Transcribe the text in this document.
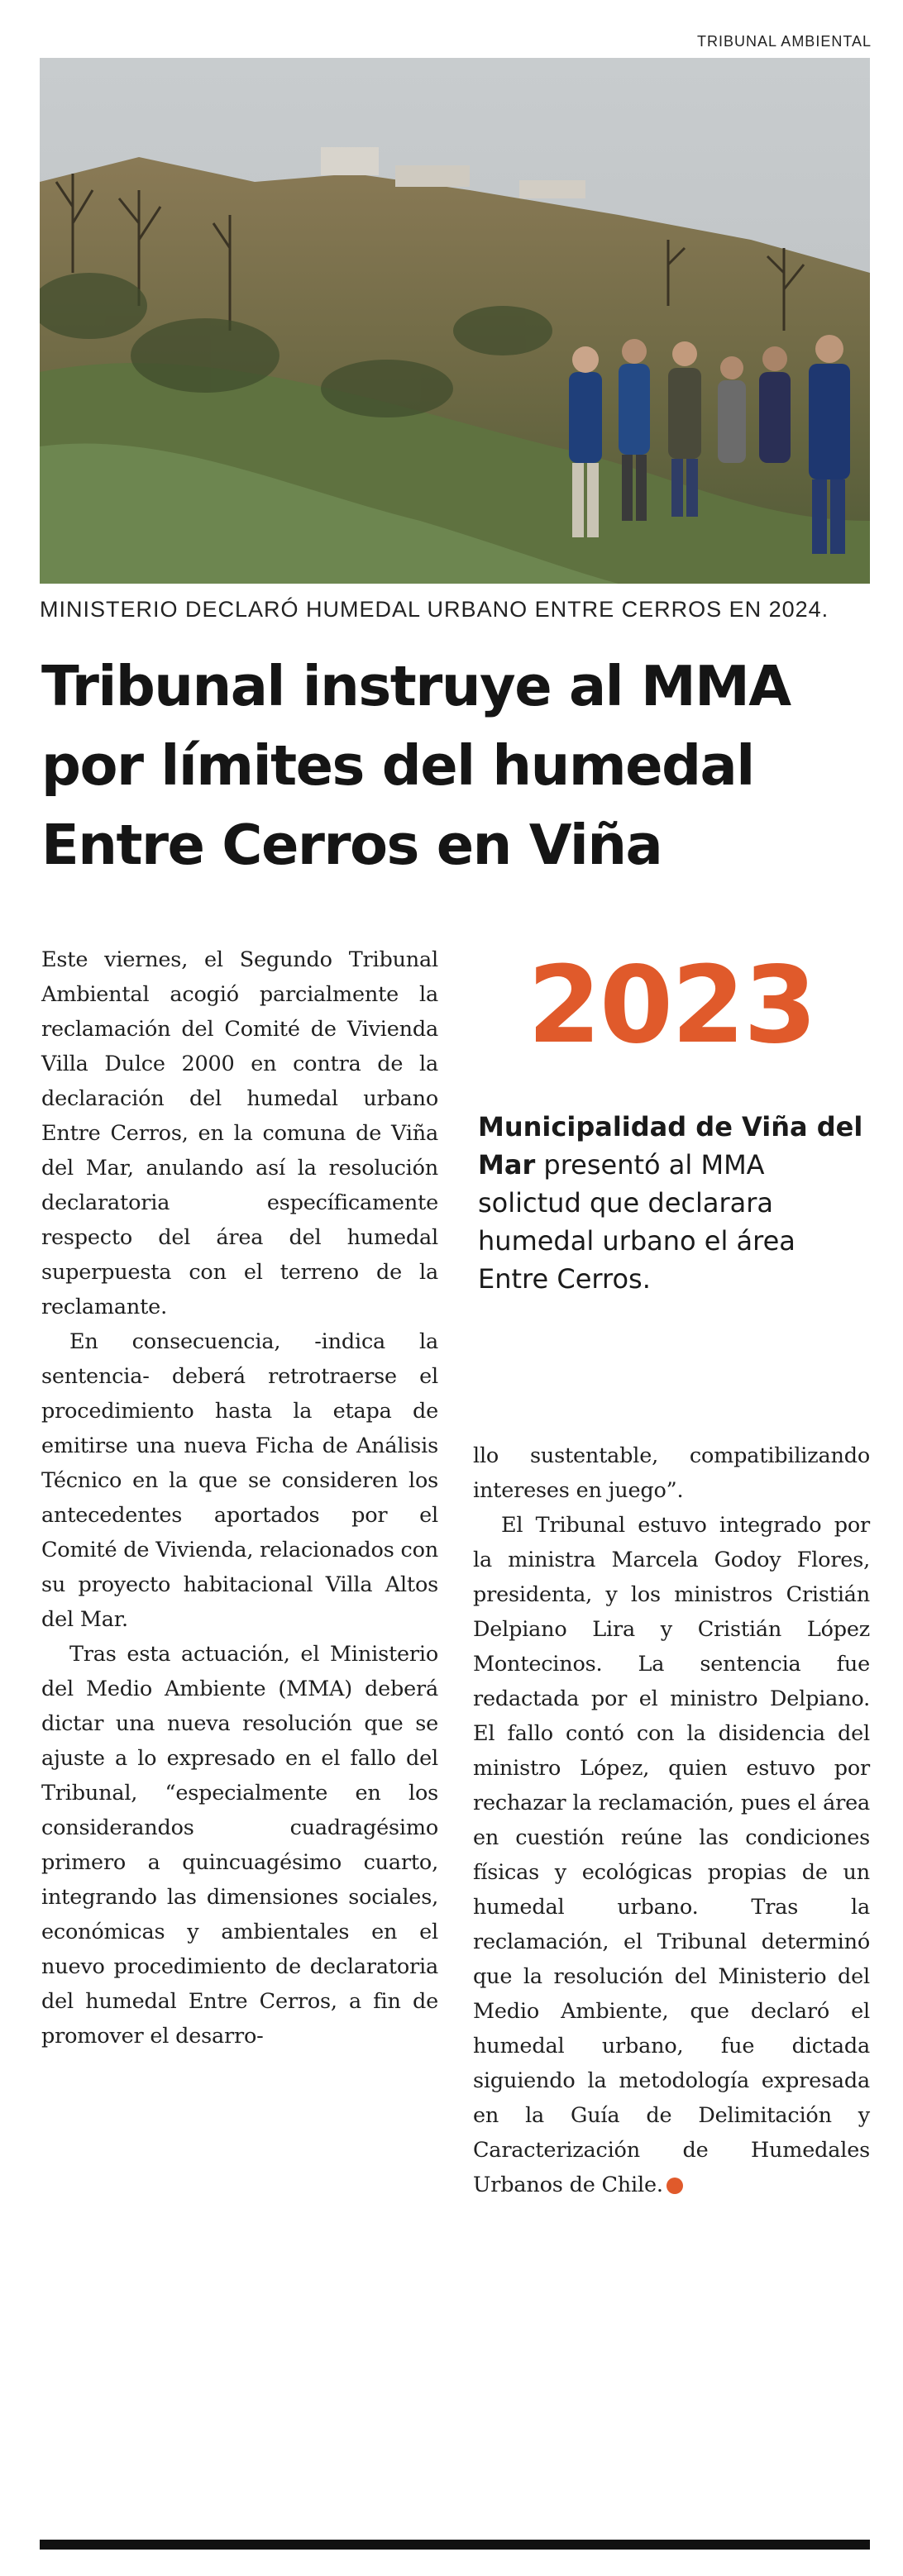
TRIBUNAL AMBIENTAL
MINISTERIO DECLARÓ HUMEDAL URBANO ENTRE CERROS EN 2024.
Tribunal instruye al MMA por límites del humedal Entre Cerros en Viña

Este viernes, el Segundo Tribunal Ambiental acogió parcialmente la reclamación del Comité de Vivienda Villa Dulce 2000 en contra de la declaración del humedal urbano Entre Cerros, en la comuna de Viña del Mar, anulando así la resolución declaratoria específicamente respecto del área del humedal superpuesta con el terreno de la reclamante.

En consecuencia, -indica la sentencia- deberá retrotraerse el procedimiento hasta la etapa de emitirse una nueva Ficha de Análisis Técnico en la que se consideren los antecedentes aportados por el Comité de Vivienda, relacionados con su proyecto habitacional Villa Altos del Mar.

Tras esta actuación, el Ministerio del Medio Ambiente (MMA) deberá dictar una nueva resolución que se ajuste a lo expresado en el fallo del Tribunal, “especialmente en los considerandos cuadragésimo primero a quincuagésimo cuarto, integrando las dimensiones sociales, económicas y ambientales en el nuevo procedimiento de declaratoria del humedal Entre Cerros, a fin de promover el desarro-

2023

Municipalidad de Viña del Mar presentó al MMA solictud que declarara humedal urbano el área Entre Cerros.

llo sustentable, compatibilizando intereses en juego”.

El Tribunal estuvo integrado por la ministra Marcela Godoy Flores, presidenta, y los ministros Cristián Delpiano Lira y Cristián López Montecinos. La sentencia fue redactada por el ministro Delpiano. El fallo contó con la disidencia del ministro López, quien estuvo por rechazar la reclamación, pues el área en cuestión reúne las condiciones físicas y ecológicas propias de un humedal urbano. Tras la reclamación, el Tribunal determinó que la resolución del Ministerio del Medio Ambiente, que declaró el humedal urbano, fue dictada siguiendo la metodología expresada en la Guía de Delimitación y Caracterización de Humedales Urbanos de Chile.	✪
